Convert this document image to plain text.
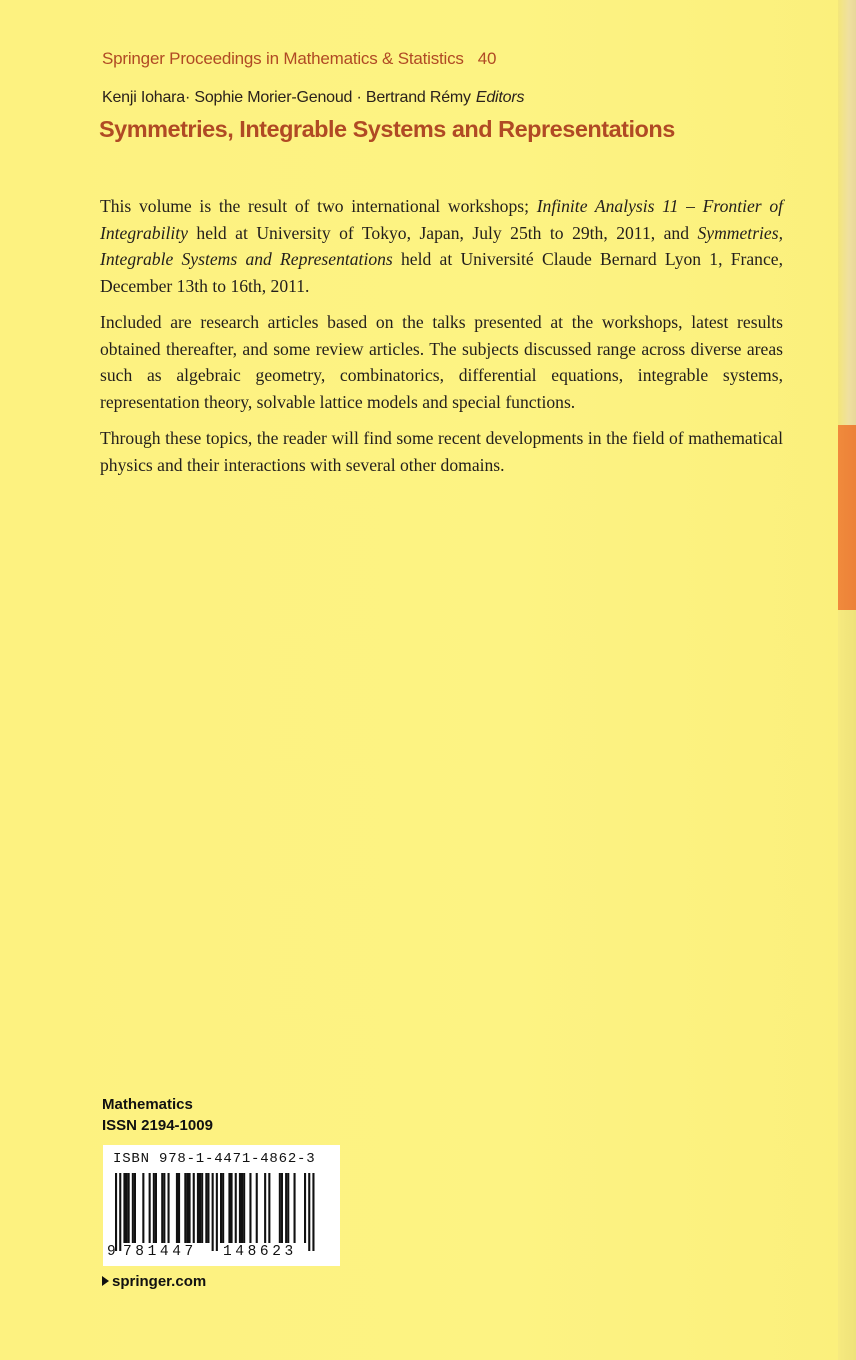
Springer Proceedings in Mathematics & Statistics 40
Kenji Iohara· Sophie Morier-Genoud · Bertrand Rémy Editors
Symmetries, Integrable Systems and Representations

This volume is the result of two international workshops; Infinite Analysis 11 – Frontier of Integrability held at University of Tokyo, Japan, July 25th to 29th, 2011, and Symmetries, Integrable Systems and Representations held at Université Claude Bernard Lyon 1, France, December 13th to 16th, 2011.

Included are research articles based on the talks presented at the workshops, latest results obtained thereafter, and some review articles. The subjects discussed range across diverse areas such as algebraic geometry, combinatorics, differential equations, integrable systems, representation theory, solvable lattice models and special functions.

Through these topics, the reader will find some recent developments in the field of mathematical physics and their interactions with several other domains.

Mathematics
ISSN 2194-1009
ISBN 978-1-4471-4862-3
9 781447 148623
springer.com
